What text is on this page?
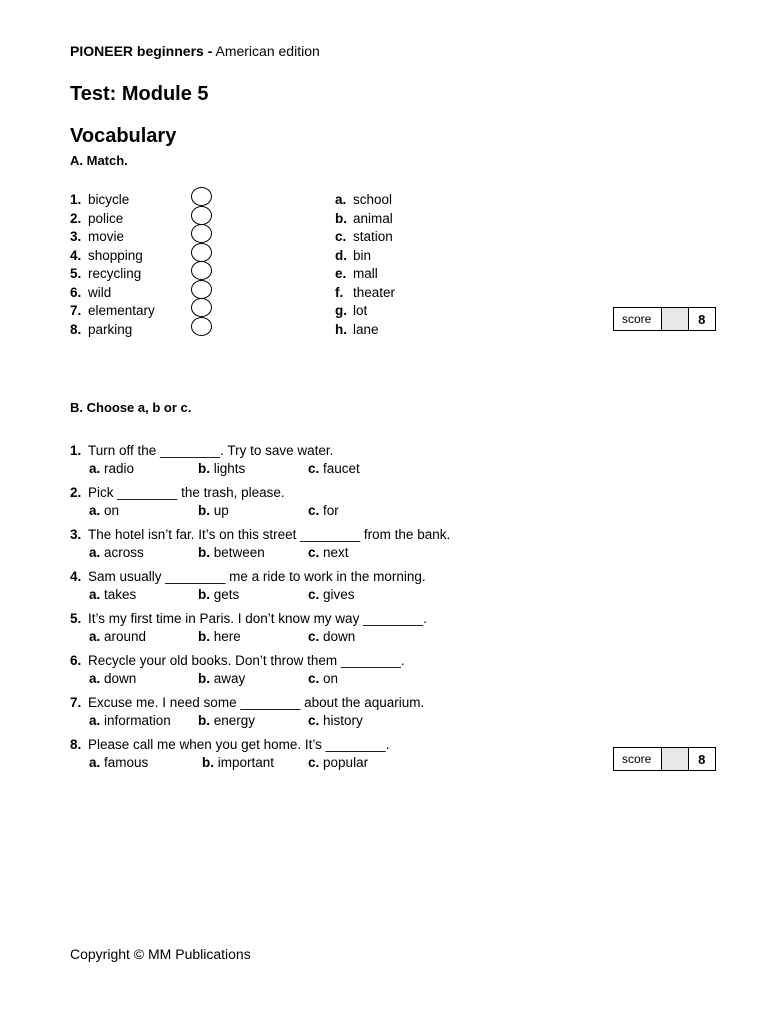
PIONEER beginners - American edition
Test: Module 5
Vocabulary
A. Match.
1. bicycle	a. school
2. police	b. animal
3. movie	c. station
4. shopping	d. bin
5. recycling	e. mall
6. wild	f. theater
7. elementary	g. lot
8. parking	h. lane
score	8
B. Choose a, b or c.
1. Turn off the ________. Try to save water.
a. radio	b. lights	c. faucet
2. Pick ________ the trash, please.
a. on	b. up	c. for
3. The hotel isn’t far. It’s on this street ________ from the bank.
a. across	b. between	c. next
4. Sam usually ________ me a ride to work in the morning.
a. takes	b. gets	c. gives
5. It’s my first time in Paris. I don’t know my way ________.
a. around	b. here	c. down
6. Recycle your old books. Don’t throw them ________.
a. down	b. away	c. on
7. Excuse me. I need some ________ about the aquarium.
a. information b. energy	c. history
8. Please call me when you get home. It’s ________.
a. famous	b. important	c. popular	score	8
Copyright © MM Publications
